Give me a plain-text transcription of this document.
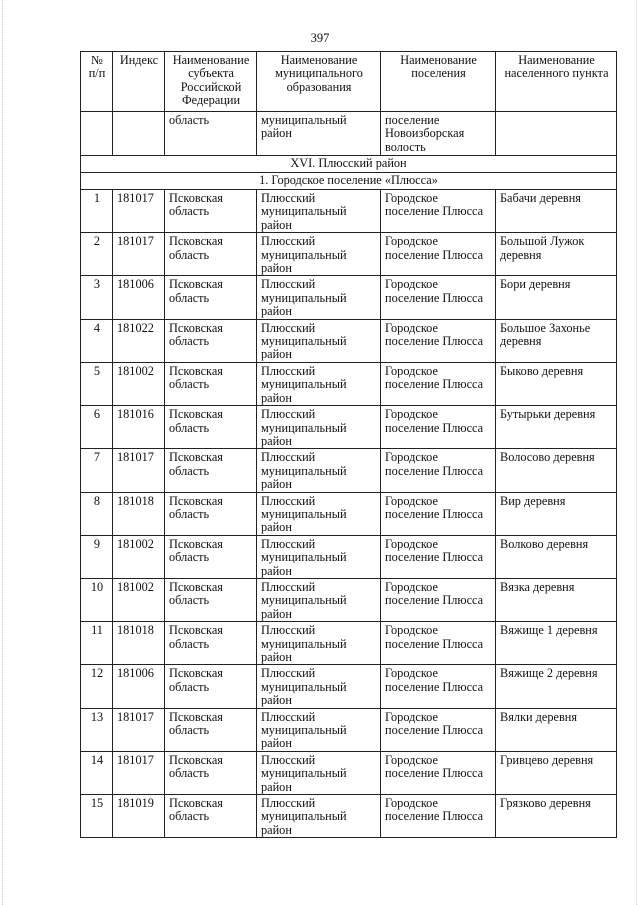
397
№ п/п	Индекс	Наименование субъекта Российской Федерации	Наименование муниципального образования	Наименование поселения	Наименование населенного пункта
		область	муниципальный район	поселение Новоизборская волость	
XVI. Плюсский район					
1. Городское поселение «Плюсса»					
1	181017	Псковская область	Плюсский муниципальный район	Городское поселение Плюсса	Бабачи деревня
2	181017	Псковская область	Плюсский муниципальный район	Городское поселение Плюсса	Большой Лужок деревня
3	181006	Псковская область	Плюсский муниципальный район	Городское поселение Плюсса	Бори деревня
4	181022	Псковская область	Плюсский муниципальный район	Городское поселение Плюсса	Большое Захонье деревня
5	181002	Псковская область	Плюсский муниципальный район	Городское поселение Плюсса	Быково деревня
6	181016	Псковская область	Плюсский муниципальный район	Городское поселение Плюсса	Бутырьки деревня
7	181017	Псковская область	Плюсский муниципальный район	Городское поселение Плюсса	Волосово деревня
8	181018	Псковская область	Плюсский муниципальный район	Городское поселение Плюсса	Вир деревня
9	181002	Псковская область	Плюсский муниципальный район	Городское поселение Плюсса	Волково деревня
10	181002	Псковская область	Плюсский муниципальный район	Городское поселение Плюсса	Вязка деревня
11	181018	Псковская область	Плюсский муниципальный район	Городское поселение Плюсса	Вяжище 1 деревня
12	181006	Псковская область	Плюсский муниципальный район	Городское поселение Плюсса	Вяжище 2 деревня
13	181017	Псковская область	Плюсский муниципальный район	Городское поселение Плюсса	Вялки деревня
14	181017	Псковская область	Плюсский муниципальный район	Городское поселение Плюсса	Гривцево деревня
15	181019	Псковская область	Плюсский муниципальный район	Городское поселение Плюсса	Грязково деревня
